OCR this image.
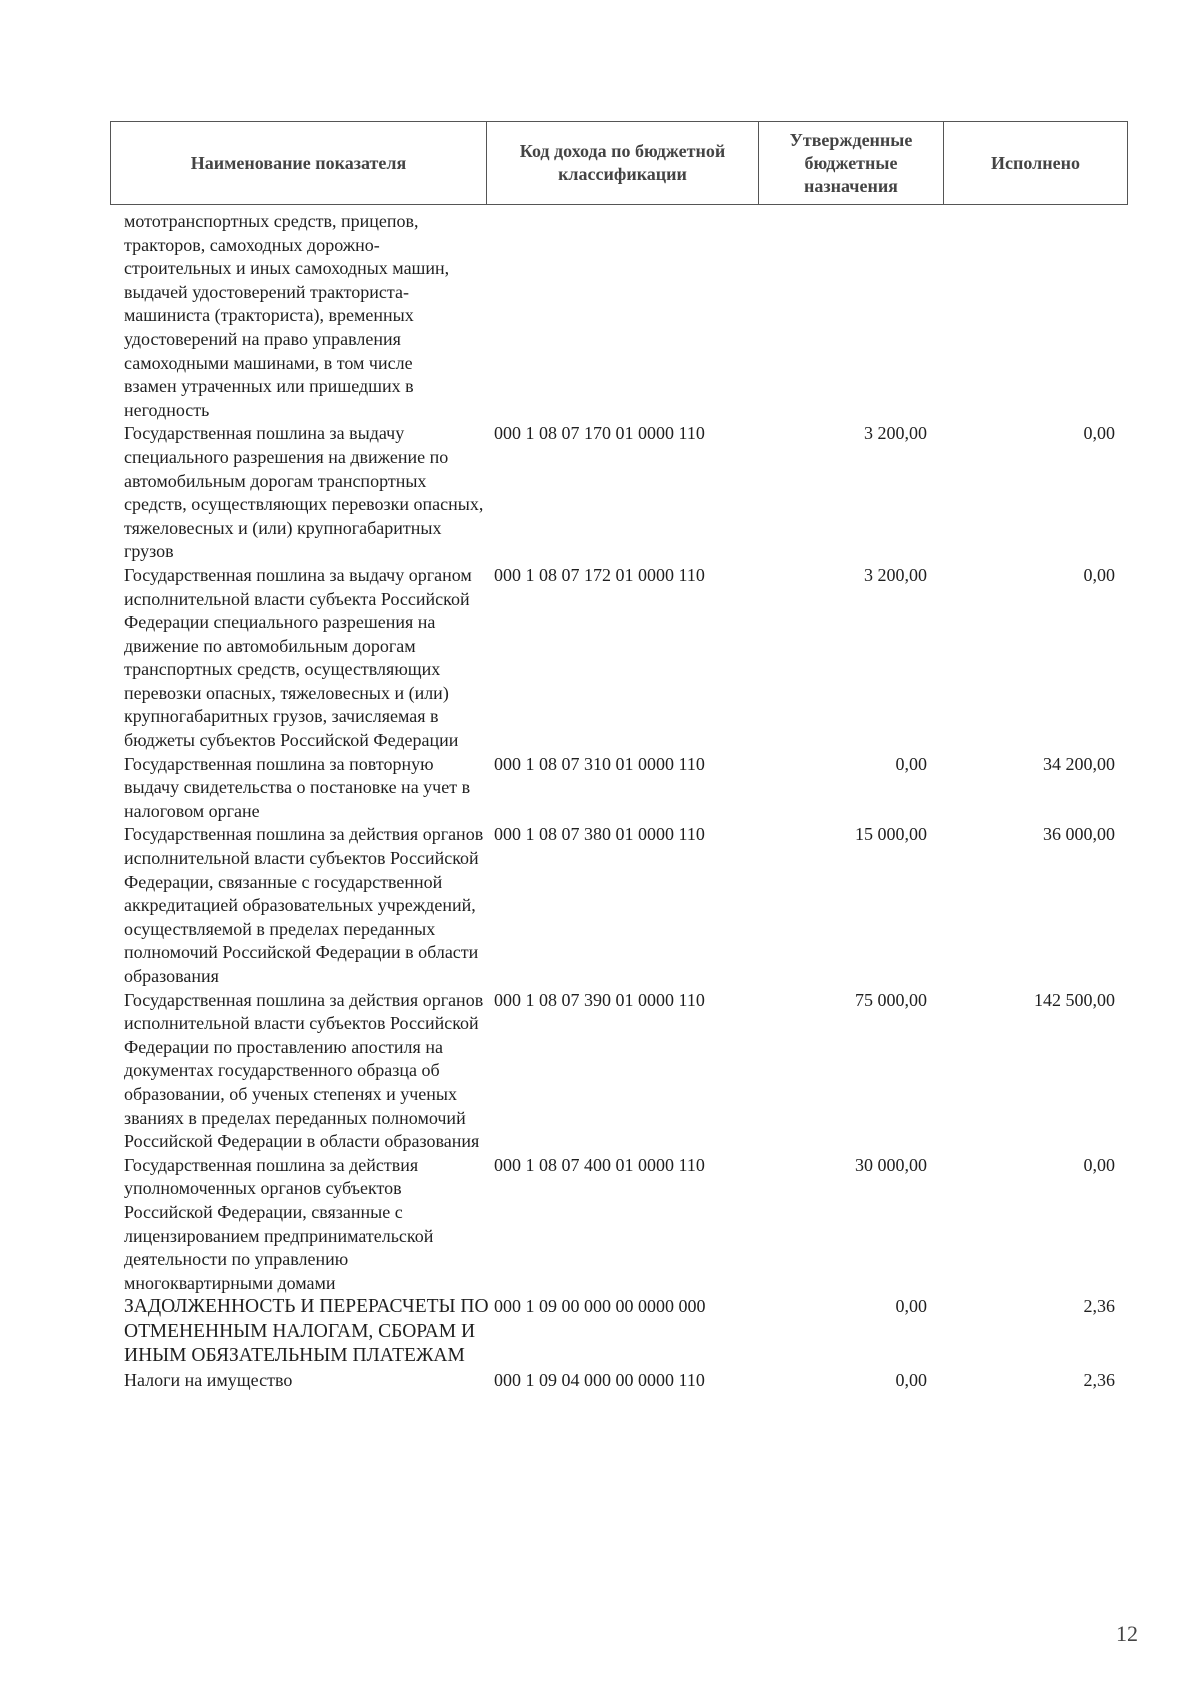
Наименование показателя
Код дохода по бюджетной классификации
Утвержденные бюджетные назначения
Исполнено
мототранспортных средств, прицепов, тракторов, самоходных дорожно-строительных и иных самоходных машин, выдачей удостоверений тракториста-машиниста (тракториста), временных удостоверений на право управления самоходными машинами, в том числе взамен утраченных или пришедших в негодность
Государственная пошлина за выдачу специального разрешения на движение по автомобильным дорогам транспортных средств, осуществляющих перевозки опасных, тяжеловесных и (или) крупногабаритных грузов
000 1 08 07 170 01 0000 110	3 200,00	0,00
Государственная пошлина за выдачу органом исполнительной власти субъекта Российской Федерации специального разрешения на движение по автомобильным дорогам транспортных средств, осуществляющих перевозки опасных, тяжеловесных и (или) крупногабаритных грузов, зачисляемая в бюджеты субъектов Российской Федерации
000 1 08 07 172 01 0000 110	3 200,00	0,00
Государственная пошлина за повторную выдачу свидетельства о постановке на учет в налоговом органе
000 1 08 07 310 01 0000 110	0,00	34 200,00
Государственная пошлина за действия органов исполнительной власти субъектов Российской Федерации, связанные с государственной аккредитацией образовательных учреждений, осуществляемой в пределах переданных полномочий Российской Федерации в области образования
000 1 08 07 380 01 0000 110	15 000,00	36 000,00
Государственная пошлина за действия органов исполнительной власти субъектов Российской Федерации по проставлению апостиля на документах государственного образца об образовании, об ученых степенях и ученых званиях в пределах переданных полномочий Российской Федерации в области образования
000 1 08 07 390 01 0000 110	75 000,00	142 500,00
Государственная пошлина за действия уполномоченных органов субъектов Российской Федерации, связанные с лицензированием предпринимательской деятельности по управлению многоквартирными домами
000 1 08 07 400 01 0000 110	30 000,00	0,00
ЗАДОЛЖЕННОСТЬ И ПЕРЕРАСЧЕТЫ ПО ОТМЕНЕННЫМ НАЛОГАМ, СБОРАМ И ИНЫМ ОБЯЗАТЕЛЬНЫМ ПЛАТЕЖАМ
000 1 09 00 000 00 0000 000	0,00	2,36
Налоги на имущество	000 1 09 04 000 00 0000 110	0,00	2,36
12
